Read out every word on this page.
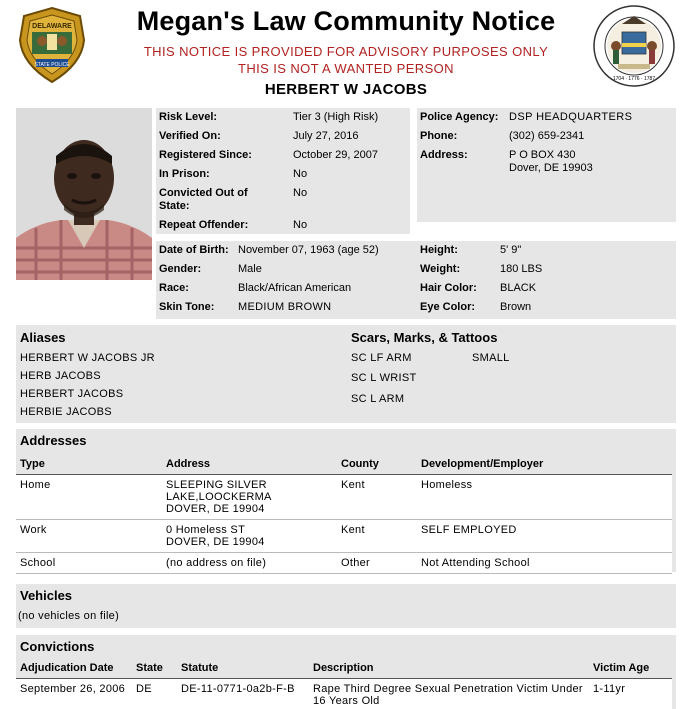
STATE POLICE
DELAWARE	Megan's Law Community Notice
THIS NOTICE IS PROVIDED FOR ADVISORY PURPOSES ONLY
THIS IS NOT A WANTED PERSON
HERBERT W JACOBS
1704 · 1776 · 1787
Risk Level:	Tier 3 (High Risk)
Verified On:	July 27, 2016
Registered Since:	October 29, 2007
In Prison:	No
Convicted Out of State:
No
Repeat Offender:	No
Police Agency: DSP HEADQUARTERS
Phone:	(302) 659-2341
Address:	P O BOX 430
Dover, DE 19903
Date of Birth: November 07, 1963 (age 52)
Gender:	Male
Race:	Black/African American
Skin Tone: MEDIUM BROWN
Height:	5' 9"
Weight:	180 LBS
Hair Color: BLACK
Eye Color: Brown
Aliases
HERBERT W JACOBS JR
HERB JACOBS
HERBERT JACOBS
HERBIE JACOBS
Scars, Marks, & Tattoos
SC LF ARM	SMALL
SC L WRIST
SC L ARM
Addresses
Type	Address	County	Development/Employer
Home	SLEEPING SILVER
LAKE,LOOCKERMA
DOVER, DE 19904	Kent	Homeless
Work	0 Homeless ST
DOVER, DE 19904	Kent	SELF EMPLOYED
School	(no address on file)	Other	Not Attending School
Vehicles
(no vehicles on file)
Convictions
Adjudication Date	State	Statute	Description	Victim Age
September 26, 2006	DE	DE-11-0771-0a2b-F-B	Rape Third Degree Sexual Penetration Victim Under 16 Years Old	1-11yr
